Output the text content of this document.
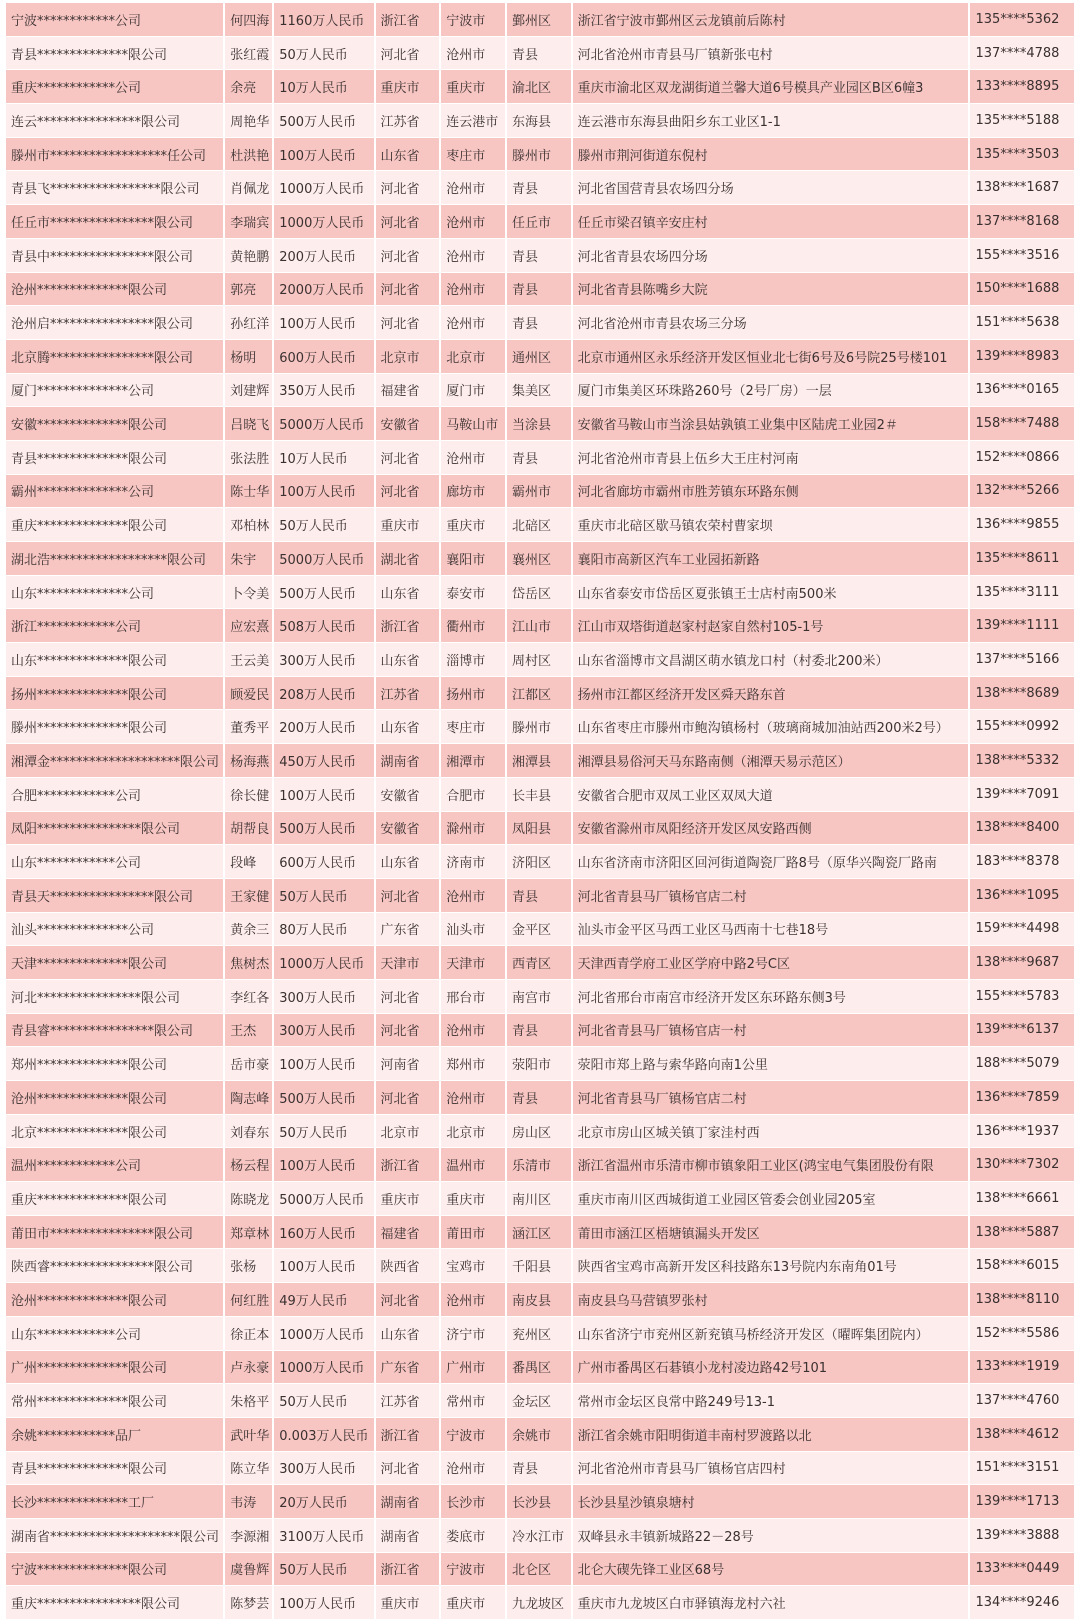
宁波************公司	何四海	1160万人民币	浙江省	宁波市	鄞州区	浙江省宁波市鄞州区云龙镇前后陈村	135****5362
青县**************限公司	张红霞	50万人民币	河北省	沧州市	青县	河北省沧州市青县马厂镇新张屯村	137****4788
重庆************公司	余亮	10万人民币	重庆市	重庆市	渝北区	重庆市渝北区双龙湖街道兰馨大道6号模具产业园区B区6幢3	133****8895
连云****************限公司	周艳华	500万人民币	江苏省	连云港市	东海县	连云港市东海县曲阳乡东工业区1-1	135****5188
滕州市******************任公司	杜洪艳	100万人民币	山东省	枣庄市	滕州市	滕州市荆河街道东倪村	135****3503
青县飞*****************限公司	肖佩龙	1000万人民币	河北省	沧州市	青县	河北省国营青县农场四分场	138****1687
任丘市****************限公司	李瑞宾	1000万人民币	河北省	沧州市	任丘市	任丘市梁召镇辛安庄村	137****8168
青县中****************限公司	黄艳鹏	200万人民币	河北省	沧州市	青县	河北省青县农场四分场	155****3516
沧州**************限公司	郭亮	2000万人民币	河北省	沧州市	青县	河北省青县陈嘴乡大院	150****1688
沧州启****************限公司	孙红洋	100万人民币	河北省	沧州市	青县	河北省沧州市青县农场三分场	151****5638
北京腾****************限公司	杨明	600万人民币	北京市	北京市	通州区	北京市通州区永乐经济开发区恒业北七街6号及6号院25号楼101	139****8983
厦门**************公司	刘建辉	350万人民币	福建省	厦门市	集美区	厦门市集美区环珠路260号（2号厂房）一层	136****0165
安徽**************限公司	吕晓飞	5000万人民币	安徽省	马鞍山市	当涂县	安徽省马鞍山市当涂县姑孰镇工业集中区陆虎工业园2＃	158****7488
青县**************限公司	张法胜	10万人民币	河北省	沧州市	青县	河北省沧州市青县上伍乡大王庄村河南	152****0866
霸州**************公司	陈士华	100万人民币	河北省	廊坊市	霸州市	河北省廊坊市霸州市胜芳镇东环路东侧	132****5266
重庆**************限公司	邓柏林	50万人民币	重庆市	重庆市	北碚区	重庆市北碚区歇马镇农荣村曹家坝	136****9855
湖北浩******************限公司	朱宇	5000万人民币	湖北省	襄阳市	襄州区	襄阳市高新区汽车工业园拓新路	135****8611
山东**************公司	卜令美	500万人民币	山东省	泰安市	岱岳区	山东省泰安市岱岳区夏张镇王士店村南500米	135****3111
浙江************公司	应宏熹	508万人民币	浙江省	衢州市	江山市	江山市双塔街道赵家村赵家自然村105-1号	139****1111
山东**************限公司	王云美	300万人民币	山东省	淄博市	周村区	山东省淄博市文昌湖区萌水镇龙口村（村委北200米）	137****5166
扬州**************限公司	顾爱民	208万人民币	江苏省	扬州市	江都区	扬州市江都区经济开发区舜天路东首	138****8689
滕州**************限公司	董秀平	200万人民币	山东省	枣庄市	滕州市	山东省枣庄市滕州市鲍沟镇杨村（玻璃商城加油站西200米2号）	155****0992
湘潭金********************限公司	杨海燕	450万人民币	湖南省	湘潭市	湘潭县	湘潭县易俗河天马东路南侧（湘潭天易示范区）	138****5332
合肥************公司	徐长健	100万人民币	安徽省	合肥市	长丰县	安徽省合肥市双凤工业区双凤大道	139****7091
凤阳****************限公司	胡帮良	500万人民币	安徽省	滁州市	凤阳县	安徽省滁州市凤阳经济开发区凤安路西侧	138****8400
山东************公司	段峰	600万人民币	山东省	济南市	济阳区	山东省济南市济阳区回河街道陶瓷厂路8号（原华兴陶瓷厂路南	183****8378
青县天****************限公司	王家健	50万人民币	河北省	沧州市	青县	河北省青县马厂镇杨官店二村	136****1095
汕头**************公司	黄余三	80万人民币	广东省	汕头市	金平区	汕头市金平区马西工业区马西南十七巷18号	159****4498
天津**************限公司	焦树杰	1000万人民币	天津市	天津市	西青区	天津西青学府工业区学府中路2号C区	138****9687
河北****************限公司	李红各	300万人民币	河北省	邢台市	南宫市	河北省邢台市南宫市经济开发区东环路东侧3号	155****5783
青县睿****************限公司	王杰	300万人民币	河北省	沧州市	青县	河北省青县马厂镇杨官店一村	139****6137
郑州**************限公司	岳市豪	100万人民币	河南省	郑州市	荥阳市	荥阳市郑上路与索华路向南1公里	188****5079
沧州**************限公司	陶志峰	500万人民币	河北省	沧州市	青县	河北省青县马厂镇杨官店二村	136****7859
北京**************限公司	刘春东	50万人民币	北京市	北京市	房山区	北京市房山区城关镇丁家洼村西	136****1937
温州************公司	杨云程	100万人民币	浙江省	温州市	乐清市	浙江省温州市乐清市柳市镇象阳工业区(鸿宝电气集团股份有限	130****7302
重庆**************限公司	陈晓龙	5000万人民币	重庆市	重庆市	南川区	重庆市南川区西城街道工业园区管委会创业园205室	138****6661
莆田市****************限公司	郑章林	160万人民币	福建省	莆田市	涵江区	莆田市涵江区梧塘镇漏头开发区	138****5887
陕西睿****************限公司	张杨	100万人民币	陕西省	宝鸡市	千阳县	陕西省宝鸡市高新开发区科技路东13号院内东南角01号	158****6015
沧州**************限公司	何红胜	49万人民币	河北省	沧州市	南皮县	南皮县乌马营镇罗张村	138****8110
山东************公司	徐正本	1000万人民币	山东省	济宁市	兖州区	山东省济宁市兖州区新兖镇马桥经济开发区（曜晖集团院内）	152****5586
广州**************限公司	卢永豪	1000万人民币	广东省	广州市	番禺区	广州市番禺区石碁镇小龙村凌边路42号101	133****1919
常州**************限公司	朱格平	50万人民币	江苏省	常州市	金坛区	常州市金坛区良常中路249号13-1	137****4760
余姚************品厂	武叶华	0.003万人民币	浙江省	宁波市	余姚市	浙江省余姚市阳明街道丰南村罗渡路以北	138****4612
青县**************限公司	陈立华	300万人民币	河北省	沧州市	青县	河北省沧州市青县马厂镇杨官店四村	151****3151
长沙**************工厂	韦涛	20万人民币	湖南省	长沙市	长沙县	长沙县星沙镇泉塘村	139****1713
湖南省********************限公司	李源湘	3100万人民币	湖南省	娄底市	冷水江市	双峰县永丰镇新城路22－28号	139****3888
宁波**************限公司	虞鲁辉	50万人民币	浙江省	宁波市	北仑区	北仑大碶先锋工业区68号	133****0449
重庆****************限公司	陈梦芸	100万人民币	重庆市	重庆市	九龙坡区	重庆市九龙坡区白市驿镇海龙村六社	134****9246
